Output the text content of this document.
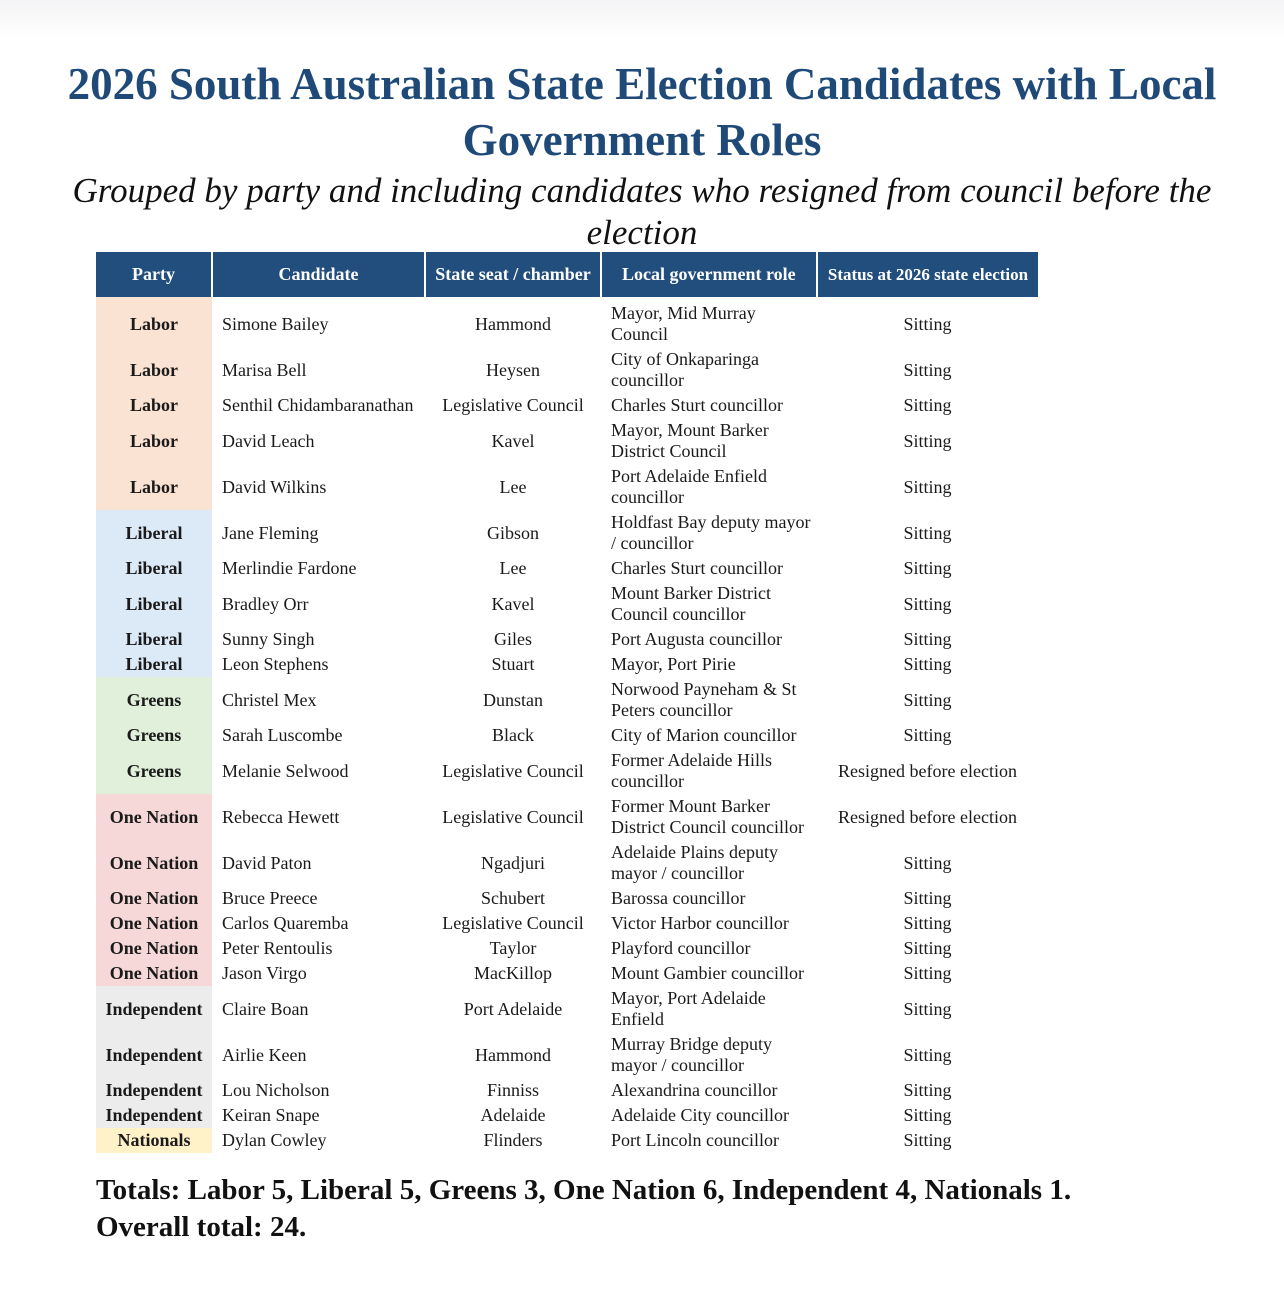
2026 South Australian State Election Candidates with Local Government Roles

Grouped by party and including candidates who resigned from council before the election

Party	Candidate	State seat / chamber	Local government role	Status at 2026 state election
Labor	Simone Bailey	Hammond	Mayor, Mid Murray Council	Sitting
Labor	Marisa Bell	Heysen	City of Onkaparinga councillor	Sitting
Labor	Senthil Chidambaranathan	Legislative Council	Charles Sturt councillor	Sitting
Labor	David Leach	Kavel	Mayor, Mount Barker District Council	Sitting
Labor	David Wilkins	Lee	Port Adelaide Enfield councillor	Sitting
Liberal	Jane Fleming	Gibson	Holdfast Bay deputy mayor / councillor	Sitting
Liberal	Merlindie Fardone	Lee	Charles Sturt councillor	Sitting
Liberal	Bradley Orr	Kavel	Mount Barker District Council councillor	Sitting
Liberal	Sunny Singh	Giles	Port Augusta councillor	Sitting
Liberal	Leon Stephens	Stuart	Mayor, Port Pirie	Sitting
Greens	Christel Mex	Dunstan	Norwood Payneham & St Peters councillor	Sitting
Greens	Sarah Luscombe	Black	City of Marion councillor	Sitting
Greens	Melanie Selwood	Legislative Council	Former Adelaide Hills councillor	Resigned before election
One Nation	Rebecca Hewett	Legislative Council	Former Mount Barker District Council councillor	Resigned before election
One Nation	David Paton	Ngadjuri	Adelaide Plains deputy mayor / councillor	Sitting
One Nation	Bruce Preece	Schubert	Barossa councillor	Sitting
One Nation	Carlos Quaremba	Legislative Council	Victor Harbor councillor	Sitting
One Nation	Peter Rentoulis	Taylor	Playford councillor	Sitting
One Nation	Jason Virgo	MacKillop	Mount Gambier councillor	Sitting
Independent	Claire Boan	Port Adelaide	Mayor, Port Adelaide Enfield	Sitting
Independent	Airlie Keen	Hammond	Murray Bridge deputy mayor / councillor	Sitting
Independent	Lou Nicholson	Finniss	Alexandrina councillor	Sitting
Independent	Keiran Snape	Adelaide	Adelaide City councillor	Sitting
Nationals	Dylan Cowley	Flinders	Port Lincoln councillor	Sitting
Totals: Labor 5, Liberal 5, Greens 3, One Nation 6, Independent 4, Nationals 1.
Overall total: 24.
